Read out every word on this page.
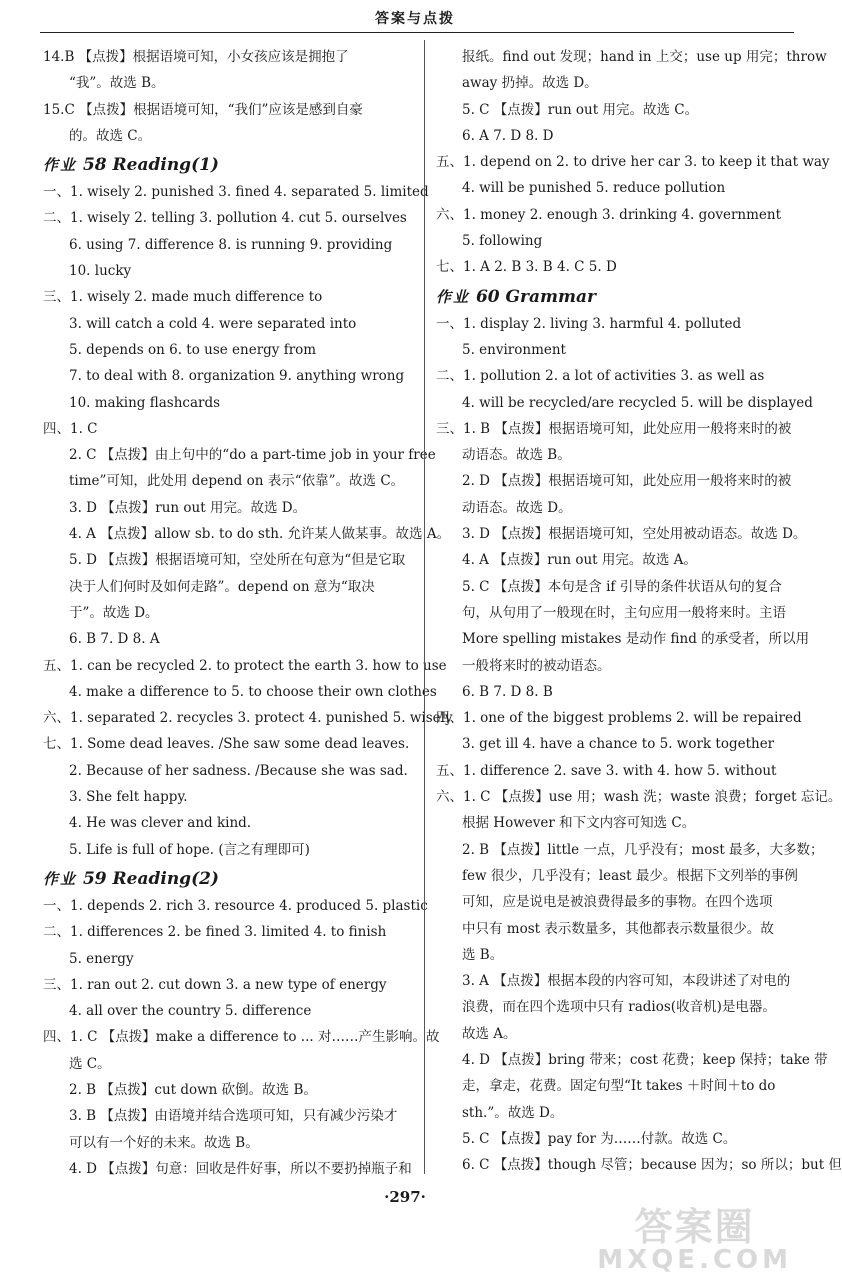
答案与点拨
14.B 【点拨】根据语境可知，小女孩应该是拥抱了
“我”。故选 B。
15.C 【点拨】根据语境可知，“我们”应该是感到自豪
的。故选 C。
作业 58 Reading(1)
一、1. wisely 2. punished 3. fined 4. separated 5. limited
二、1. wisely 2. telling 3. pollution 4. cut 5. ourselves
6. using 7. difference 8. is running 9. providing
10. lucky
三、1. wisely 2. made much difference to
3. will catch a cold 4. were separated into
5. depends on 6. to use energy from
7. to deal with 8. organization 9. anything wrong
10. making flashcards
四、1. C
2. C 【点拨】由上句中的“do a part-time job in your free
time”可知，此处用 depend on 表示“依靠”。故选 C。
3. D 【点拨】run out 用完。故选 D。
4. A 【点拨】allow sb. to do sth. 允许某人做某事。故选 A。
5. D 【点拨】根据语境可知，空处所在句意为“但是它取
决于人们何时及如何走路”。depend on 意为“取决
于”。故选 D。
6. B 7. D 8. A
五、1. can be recycled 2. to protect the earth 3. how to use
4. make a difference to 5. to choose their own clothes
六、1. separated 2. recycles 3. protect 4. punished 5. wisely
七、1. Some dead leaves. /She saw some dead leaves.
2. Because of her sadness. /Because she was sad.
3. She felt happy.
4. He was clever and kind.
5. Life is full of hope. (言之有理即可)
作业 59 Reading(2)
一、1. depends 2. rich 3. resource 4. produced 5. plastic
二、1. differences 2. be fined 3. limited 4. to finish
5. energy
三、1. ran out 2. cut down 3. a new type of energy
4. all over the country 5. difference
四、1. C 【点拨】make a difference to ... 对……产生影响。故
选 C。
2. B 【点拨】cut down 砍倒。故选 B。
3. B 【点拨】由语境并结合选项可知，只有减少污染才
可以有一个好的未来。故选 B。
4. D 【点拨】句意：回收是件好事，所以不要扔掉瓶子和
报纸。find out 发现；hand in 上交；use up 用完；throw
away 扔掉。故选 D。
5. C 【点拨】run out 用完。故选 C。
6. A 7. D 8. D
五、1. depend on 2. to drive her car 3. to keep it that way
4. will be punished 5. reduce pollution
六、1. money 2. enough 3. drinking 4. government
5. following
七、1. A 2. B 3. B 4. C 5. D
作业 60 Grammar
一、1. display 2. living 3. harmful 4. polluted
5. environment
二、1. pollution 2. a lot of activities 3. as well as
4. will be recycled/are recycled 5. will be displayed
三、1. B 【点拨】根据语境可知，此处应用一般将来时的被
动语态。故选 B。
2. D 【点拨】根据语境可知，此处应用一般将来时的被
动语态。故选 D。
3. D 【点拨】根据语境可知，空处用被动语态。故选 D。
4. A 【点拨】run out 用完。故选 A。
5. C 【点拨】本句是含 if 引导的条件状语从句的复合
句，从句用了一般现在时，主句应用一般将来时。主语
More spelling mistakes 是动作 find 的承受者，所以用
一般将来时的被动语态。
6. B 7. D 8. B
四、1. one of the biggest problems 2. will be repaired
3. get ill 4. have a chance to 5. work together
五、1. difference 2. save 3. with 4. how 5. without
六、1. C 【点拨】use 用；wash 洗；waste 浪费；forget 忘记。
根据 However 和下文内容可知选 C。
2. B 【点拨】little 一点，几乎没有；most 最多，大多数；
few 很少，几乎没有；least 最少。根据下文列举的事例
可知，应是说电是被浪费得最多的事物。在四个选项
中只有 most 表示数量多，其他都表示数量很少。故
选 B。
3. A 【点拨】根据本段的内容可知，本段讲述了对电的
浪费，而在四个选项中只有 radios(收音机)是电器。
故选 A。
4. D 【点拨】bring 带来；cost 花费；keep 保持；take 带
走，拿走，花费。固定句型“It takes ＋时间＋to do
sth.”。故选 D。
5. C 【点拨】pay for 为……付款。故选 C。
6. C 【点拨】though 尽管；because 因为；so 所以；but 但
·297·
答案圈
MXQE.COM
